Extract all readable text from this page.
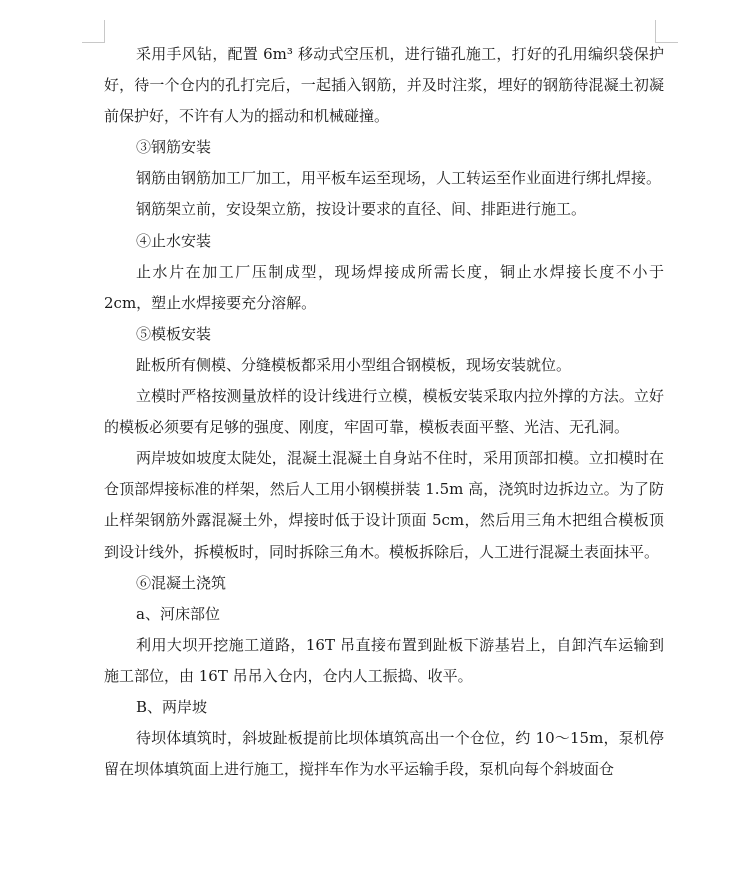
采用手风钻，配置 6m³ 移动式空压机，进行锚孔施工，打好的孔用编织袋保护好，待一个仓内的孔打完后，一起插入钢筋，并及时注浆，埋好的钢筋待混凝土初凝前保护好，不许有人为的摇动和机械碰撞。

③钢筋安装

钢筋由钢筋加工厂加工，用平板车运至现场，人工转运至作业面进行绑扎焊接。

钢筋架立前，安设架立筋，按设计要求的直径、间、排距进行施工。

④止水安装

止水片在加工厂压制成型，现场焊接成所需长度，铜止水焊接长度不小于 2cm，塑止水焊接要充分溶解。

⑤模板安装

趾板所有侧模、分缝模板都采用小型组合钢模板，现场安装就位。

立模时严格按测量放样的设计线进行立模，模板安装采取内拉外撑的方法。立好的模板必须要有足够的强度、刚度，牢固可靠，模板表面平整、光洁、无孔洞。

两岸坡如坡度太陡处，混凝土混凝土自身站不住时，采用顶部扣模。立扣模时在仓顶部焊接标准的样架，然后人工用小钢模拼装 1.5m 高，浇筑时边拆边立。为了防止样架钢筋外露混凝土外，焊接时低于设计顶面 5cm，然后用三角木把组合模板顶到设计线外，拆模板时，同时拆除三角木。模板拆除后，人工进行混凝土表面抹平。

⑥混凝土浇筑

a、河床部位

利用大坝开挖施工道路，16T 吊直接布置到趾板下游基岩上，自卸汽车运输到施工部位，由 16T 吊吊入仓内，仓内人工振捣、收平。

B、两岸坡

待坝体填筑时，斜坡趾板提前比坝体填筑高出一个仓位，约 10～15m，泵机停留在坝体填筑面上进行施工，搅拌车作为水平运输手段，泵机向每个斜坡面仓
